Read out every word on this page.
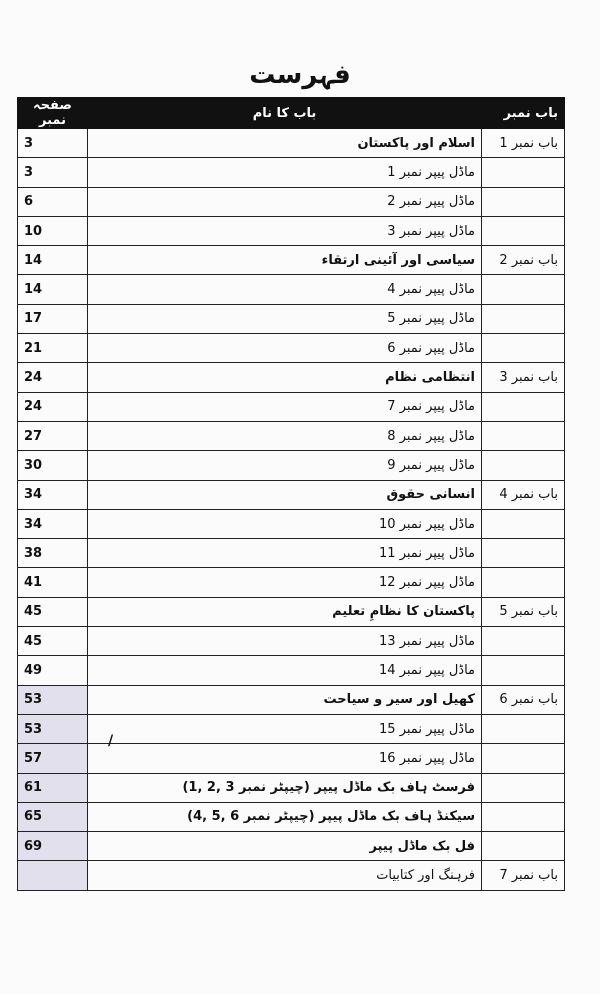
فہرست
باب نمبر	باب کا نام	صفحہ نمبر
باب نمبر 1	اسلام اور پاکستان	3
	ماڈل پیپر نمبر 1	3
	ماڈل پیپر نمبر 2	6
	ماڈل پیپر نمبر 3	10
باب نمبر 2	سیاسی اور آئینی ارتقاء	14
	ماڈل پیپر نمبر 4	14
	ماڈل پیپر نمبر 5	17
	ماڈل پیپر نمبر 6	21
باب نمبر 3	انتظامی نظام	24
	ماڈل پیپر نمبر 7	24
	ماڈل پیپر نمبر 8	27
	ماڈل پیپر نمبر 9	30
باب نمبر 4	انسانی حقوق	34
	ماڈل پیپر نمبر 10	34
	ماڈل پیپر نمبر 11	38
	ماڈل پیپر نمبر 12	41
باب نمبر 5	پاکستان کا نظامِ تعلیم	45
	ماڈل پیپر نمبر 13	45
	ماڈل پیپر نمبر 14	49
باب نمبر 6	کھیل اور سیر و سیاحت	53
	ماڈل پیپر نمبر 15	53
	ماڈل پیپر نمبر 16	57
	فرسٹ ہاف بک ماڈل پیپر (چیپٹر نمبر 3 ,2 ,1)	61
	سیکنڈ ہاف بک ماڈل پیپر (چیپٹر نمبر 6 ,5 ,4)	65
	فل بک ماڈل پیپر	69
باب نمبر 7	فرہنگ اور کتابیات	
/
